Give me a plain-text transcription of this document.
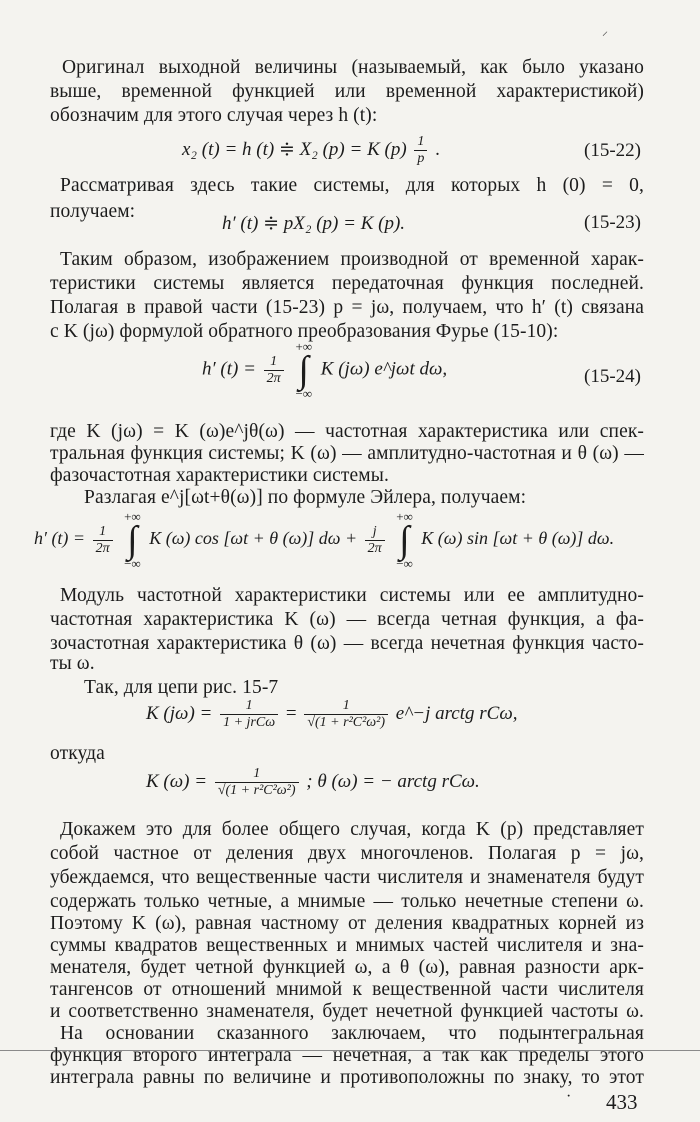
⸝
Оригинал выходной величины (называемый, как было указано
выше, временной функцией или временной характеристикой)
обозначим для этого случая через h (t):
x₂ (t) = h (t) ≑ X₂ (p) = K $(p) \frac{1}{p}$ .	(15-22)
Рассматривая здесь такие системы, для которых h (0) = 0,
получаем:
h′ (t) ≑ pX₂ (p) = K (p).	(15-23)
Таким образом, изображением производной от временной харак-
теристики системы является передаточная функция последней.
Полагая в правой части (15-23) p = jω, получаем, что h′ (t) связана
с K (jω) формулой обратного преобразования Фурье (15-10):
h′ $(t) = \frac{1}{2\pi}$

+∞
∫
−∞
K (jω) e^jωt dω,	(15-24)
где K (jω) = K (ω)e^jθ(ω) — частотная характеристика или спек-
тральная функция системы; K (ω) — амплитудно-частотная и θ (ω) —
фазочастотная характеристики системы.
Разлагая e^j[ωt+θ(ω)] по формуле Эйлера, получаем:
h′ $(t) = \frac{1}{2\pi}$

+∞
∫
−∞
K (ω) cos [ωt + θ (ω)] $d\omega + \frac{j}{2\pi}$

+∞
∫
−∞
K (ω) sin [ωt + θ (ω)] dω.
Модуль частотной характеристики системы или ее амплитудно-
частотная характеристика K (ω) — всегда четная функция, а фа-
зочастотная характеристика θ (ω) — всегда нечетная функция часто-
ты ω.
Так, для цепи рис. 15-7
K $(j\omega) = \frac{1}{\text{1 + jrCω}} = \frac{1}{\text{√(1 + r²C²ω²)}}$ e^−j arctg rCω,
откуда
K $(\omega) = \frac{1}{\text{√(1 + r²C²ω²)}}$ ; θ (ω) = − arctg rCω.
Докажем это для более общего случая, когда K (p) представляет
собой частное от деления двух многочленов. Полагая p = jω,
убеждаемся, что вещественные части числителя и знаменателя будут
содержать только четные, а мнимые — только нечетные степени ω.
Поэтому K (ω), равная частному от деления квадратных корней из
суммы квадратов вещественных и мнимых частей числителя и зна-
менателя, будет четной функцией ω, а θ (ω), равная разности арк-
тангенсов от отношений мнимой к вещественной части числителя
и соответственно знаменателя, будет нечетной функцией частоты ω.
На основании сказанного заключаем, что подынтегральная
функция второго интеграла — нечетная, а так как пределы этого
интеграла равны по величине и противоположны по знаку, то этот
· 433
